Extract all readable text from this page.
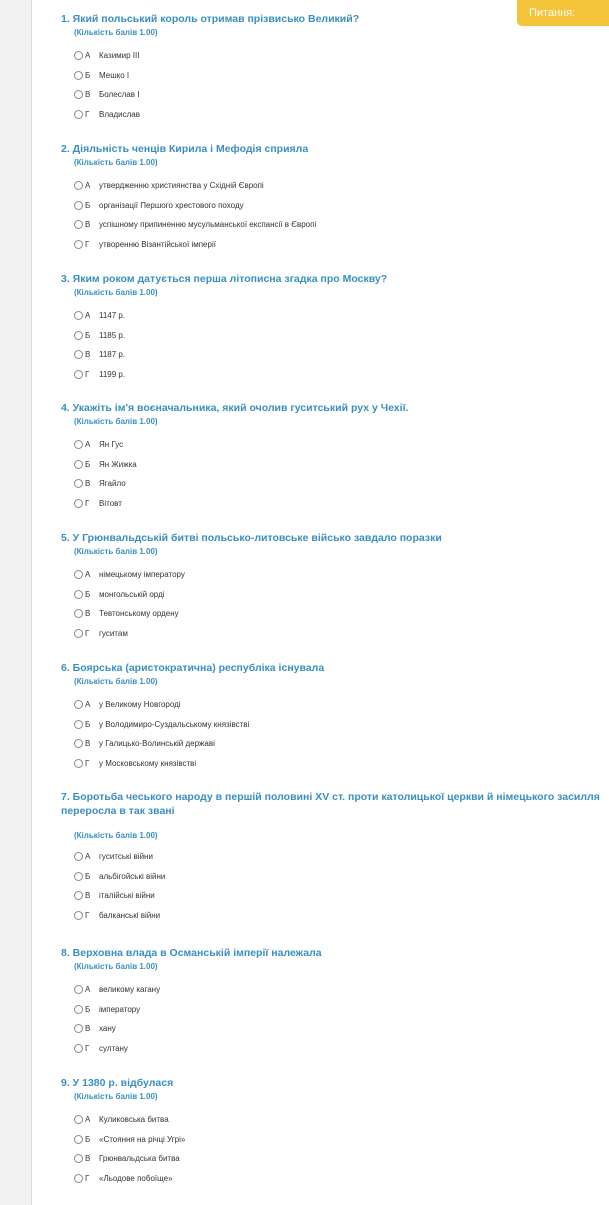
Питання:
1. Який польський король отримав прізвисько Великий?
(Кількість балів 1.00)
А	Казимир III
Б	Мешко І
В	Болеслав І
Г	Владислав
2. Діяльність ченців Кирила і Мефодія сприяла
(Кількість балів 1.00)
А	утвердженню християнства у Східній Європі
Б	організації Першого хрестового походу
В	успішному припиненню мусульманської експансії в Європі
Г	утворенню Візантійської імперії
3. Яким роком датується перша літописна згадка про Москву?
(Кількість балів 1.00)
А	1147 р.
Б	1185 р.
В	1187 р.
Г	1199 р.
4. Укажіть ім'я воєначальника, який очолив гуситський рух у Чехії.
(Кількість балів 1.00)
А	Ян Гус
Б	Ян Жижка
В	Ягайло
Г	Вітовт
5. У Грюнвальдській битві польсько-литовське військо завдало поразки
(Кількість балів 1.00)
А	німецькому імператору
Б	монгольській орді
В	Тевтонському ордену
Г	гуситам
6. Боярська (аристократична) республіка існувала
(Кількість балів 1.00)
А	у Великому Новгороді
Б	у Володимиро-Суздальському князівстві
В	у Галицько-Волинській державі
Г	у Московському князівстві
7. Боротьба чеського народу в першій половині XV ст. проти католицької церкви й німецького засилля переросла в так звані
(Кількість балів 1.00)
А	гуситські війни
Б	альбігойські війни
В	італійські війни
Г	балканські війни
8. Верховна влада в Османській імперії належала
(Кількість балів 1.00)
А	великому кагану
Б	імператору
В	хану
Г	султану
9. У 1380 р. відбулася
(Кількість балів 1.00)
А	Куликовська битва
Б	«Стояння на річці Угрі»
В	Грюнвальдська битва
Г	«Льодове побоїще»
